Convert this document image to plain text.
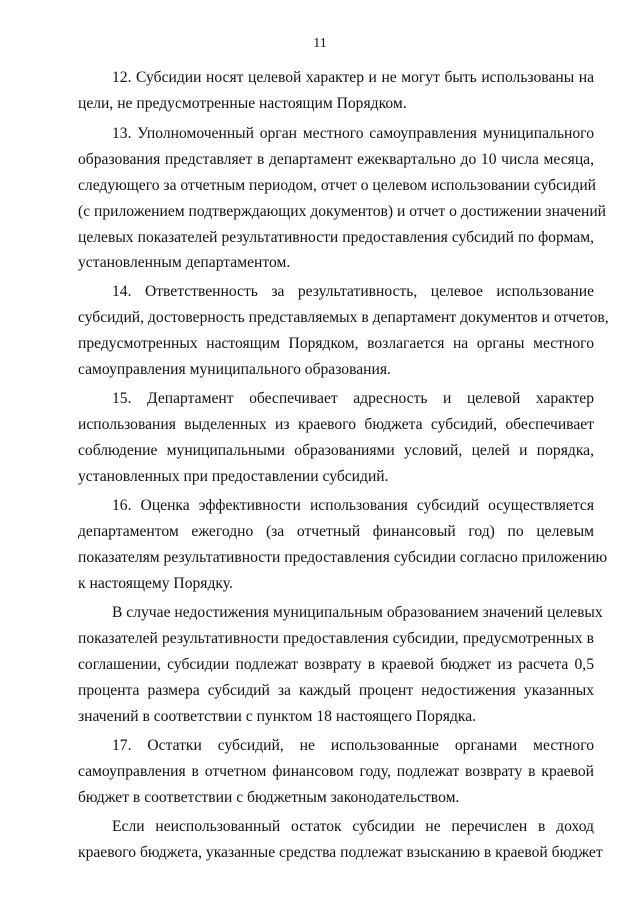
11
12. Субсидии носят целевой характер и не могут быть использованы на
цели, не предусмотренные настоящим Порядком.
13. Уполномоченный орган местного самоуправления муниципального
образования представляет в департамент ежеквартально до 10 числа месяца,
следующего за отчетным периодом, отчет о целевом использовании субсидий
(с приложением подтверждающих документов) и отчет о достижении значений
целевых показателей результативности предоставления субсидий по формам,
установленным департаментом.
14. Ответственность за результативность, целевое использование
субсидий, достоверность представляемых в департамент документов и отчетов,
предусмотренных настоящим Порядком, возлагается на органы местного
самоуправления муниципального образования.
15. Департамент обеспечивает адресность и целевой характер
использования выделенных из краевого бюджета субсидий, обеспечивает
соблюдение муниципальными образованиями условий, целей и порядка,
установленных при предоставлении субсидий.
16. Оценка эффективности использования субсидий осуществляется
департаментом ежегодно (за отчетный финансовый год) по целевым
показателям результативности предоставления субсидии согласно приложению
к настоящему Порядку.
В случае недостижения муниципальным образованием значений целевых
показателей результативности предоставления субсидии, предусмотренных в
соглашении, субсидии подлежат возврату в краевой бюджет из расчета 0,5
процента размера субсидий за каждый процент недостижения указанных
значений в соответствии с пунктом 18 настоящего Порядка.
17. Остатки субсидий, не использованные органами местного
самоуправления в отчетном финансовом году, подлежат возврату в краевой
бюджет в соответствии с бюджетным законодательством.
Если неиспользованный остаток субсидии не перечислен в доход
краевого бюджета, указанные средства подлежат взысканию в краевой бюджет
